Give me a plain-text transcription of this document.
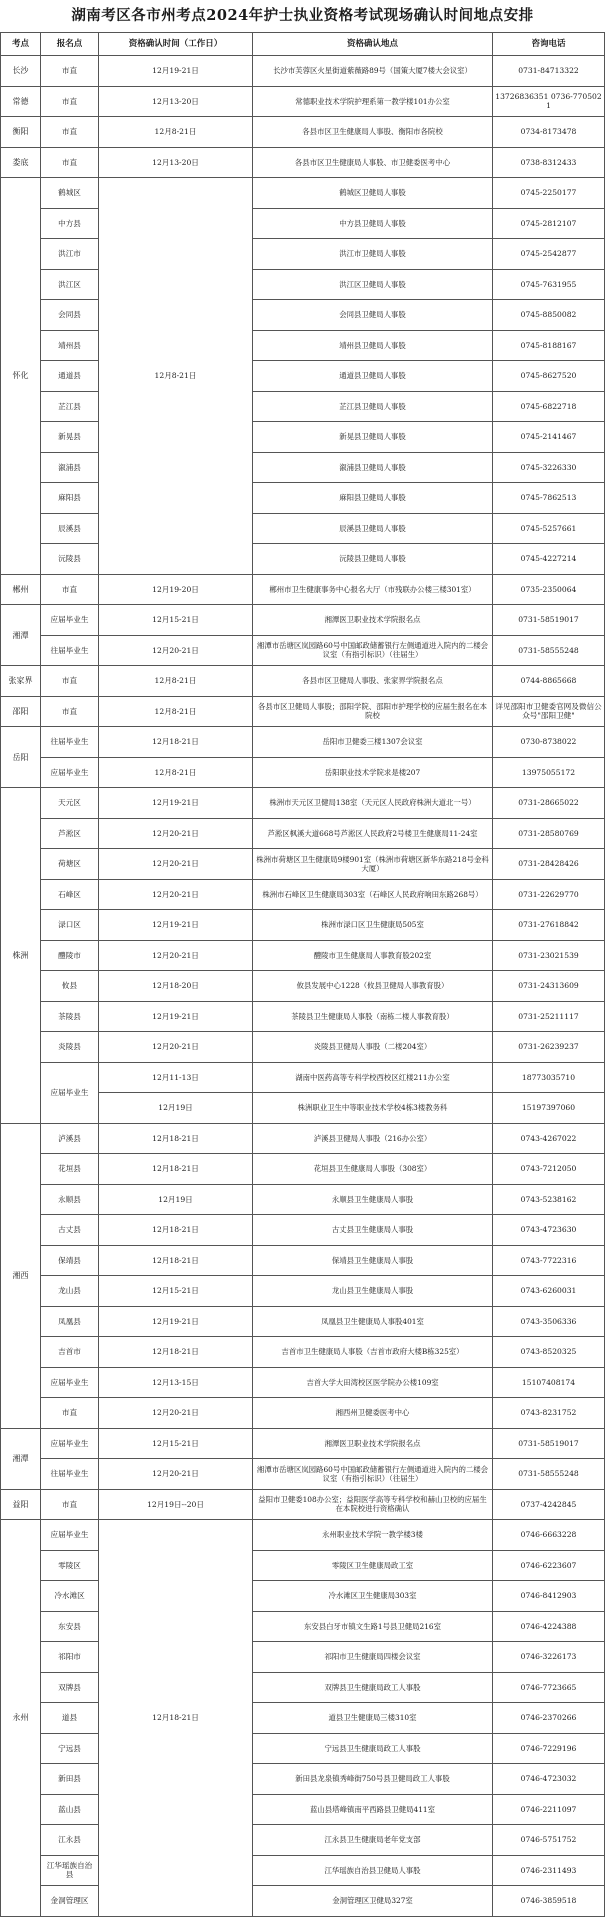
湖南考区各市州考点2024年护士执业资格考试现场确认时间地点安排
考点	报名点	资格确认时间（工作日）	资格确认地点	咨询电话
长沙	市直	12月19-21日	长沙市芙蓉区火星街道紫薇路89号（国策大厦7楼大会议室）	0731-84713322
常德	市直	12月13-20日	常德职业技术学院护理系第一教学楼101办公室	13726836351 0736-7705021
衡阳	市直	12月8-21日	各县市区卫生健康局人事股、衡阳市各院校	0734-8173478
娄底	市直	12月13-20日	各县市区卫生健康局人事股、市卫健委医考中心	0738-8312433
怀化	鹤城区	12月8-21日	鹤城区卫健局人事股	0745-2250177
	中方县		中方县卫健局人事股	0745-2812107
	洪江市		洪江市卫健局人事股	0745-2542877
	洪江区		洪江区卫健局人事股	0745-7631955
	会同县		会同县卫健局人事股	0745-8850082
	靖州县		靖州县卫健局人事股	0745-8188167
	通道县		通道县卫健局人事股	0745-8627520
	芷江县		芷江县卫健局人事股	0745-6822718
	新晃县		新晃县卫健局人事股	0745-2141467
	溆浦县		溆浦县卫健局人事股	0745-3226330
	麻阳县		麻阳县卫健局人事股	0745-7862513
	辰溪县		辰溪县卫健局人事股	0745-5257661
	沅陵县		沅陵县卫健局人事股	0745-4227214
郴州	市直	12月19-20日	郴州市卫生健康事务中心报名大厅（市残联办公楼三楼301室）	0735-2350064
湘潭	应届毕业生	12月15-21日	湘潭医卫职业技术学院报名点	0731-58519017
	往届毕业生	12月20-21日	湘潭市岳塘区岚园路60号中国邮政储蓄银行左侧通道进入院内的二楼会议室（有指引标识）（往届生）	0731-58555248
张家界	市直	12月8-21日	各县市区卫健局人事股、张家界学院报名点	0744-8865668
邵阳	市直	12月8-21日	各县市区卫健局人事股；邵阳学院、邵阳市护理学校的应届生报名在本院校	详见邵阳市卫健委官网及微信公众号"邵阳卫健"
岳阳	往届毕业生	12月18-21日	岳阳市卫健委三楼1307会议室	0730-8738022
	应届毕业生	12月8-21日	岳阳职业技术学院求是楼207	13975055172
株洲	天元区	12月19-21日	株洲市天元区卫健局138室（天元区人民政府株洲大道北一号）	0731-28665022
	芦淞区	12月20-21日	芦淞区枫溪大道668号芦淞区人民政府2号楼卫生健康局11-24室	0731-28580769
	荷塘区	12月20-21日	株洲市荷塘区卫生健康局9楼901室（株洲市荷塘区新华东路218号金科大厦）	0731-28428426
	石峰区	12月20-21日	株洲市石峰区卫生健康局303室（石峰区人民政府响田东路268号）	0731-22629770
	渌口区	12月19-21日	株洲市渌口区卫生健康局505室	0731-27618842
	醴陵市	12月20-21日	醴陵市卫生健康局人事教育股202室	0731-23021539
	攸县	12月18-20日	攸县发展中心1228（攸县卫健局人事教育股）	0731-24313609
	茶陵县	12月19-21日	茶陵县卫生健康局人事股（南栋二楼人事教育股）	0731-25211117
	炎陵县	12月20-21日	炎陵县卫健局人事股（二楼204室）	0731-26239237
	应届毕业生	12月11-13日	湖南中医药高等专科学校西校区红楼211办公室	18773035710
		12月19日	株洲职业卫生中等职业技术学校4栋3楼教务科	15197397060
湘西	泸溪县	12月18-21日	泸溪县卫健局人事股（216办公室）	0743-4267022
	花垣县	12月18-21日	花垣县卫生健康局人事股（308室）	0743-7212050
	永顺县	12月19日	永顺县卫生健康局人事股	0743-5238162
	古丈县	12月18-21日	古丈县卫生健康局人事股	0743-4723630
	保靖县	12月18-21日	保靖县卫生健康局人事股	0743-7722316
	龙山县	12月15-21日	龙山县卫生健康局人事股	0743-6260031
	凤凰县	12月19-21日	凤凰县卫生健康局人事股401室	0743-3506336
	吉首市	12月18-21日	吉首市卫生健康局人事股（吉首市政府大楼B栋325室）	0743-8520325
	应届毕业生	12月13-15日	吉首大学大田湾校区医学院办公楼109室	15107408174
	市直	12月20-21日	湘西州卫健委医考中心	0743-8231752
湘潭	应届毕业生	12月15-21日	湘潭医卫职业技术学院报名点	0731-58519017
	往届毕业生	12月20-21日	湘潭市岳塘区岚园路60号中国邮政储蓄银行左侧通道进入院内的二楼会议室（有指引标识）（往届生）	0731-58555248
益阳	市直	12月19日--20日	益阳市卫健委108办公室；益阳医学高等专科学校和赫山卫校的应届生在本院校进行资格确认	0737-4242845
永州	应届毕业生	12月18-21日	永州职业技术学院一教学楼3楼	0746-6663228
	零陵区		零陵区卫生健康局政工室	0746-6223607
	冷水滩区		冷水滩区卫生健康局303室	0746-8412903
	东安县		东安县白牙市镇文生路1号县卫健局216室	0746-4224388
	祁阳市		祁阳市卫生健康局四楼会议室	0746-3226173
	双牌县		双牌县卫生健康局政工人事股	0746-7723665
	道县		道县卫生健康局三楼310室	0746-2370266
	宁远县		宁远县卫生健康局政工人事股	0746-7229196
	新田县		新田县龙泉镇秀峰街750号县卫健局政工人事股	0746-4723032
	蓝山县		蓝山县塔峰镇南平西路县卫健局411室	0746-2211097
	江永县		江永县卫生健康局老年党支部	0746-5751752
	江华瑶族自治县		江华瑶族自治县卫健局人事股	0746-2311493
	金洞管理区		金洞管理区卫健局327室	0746-3859518
